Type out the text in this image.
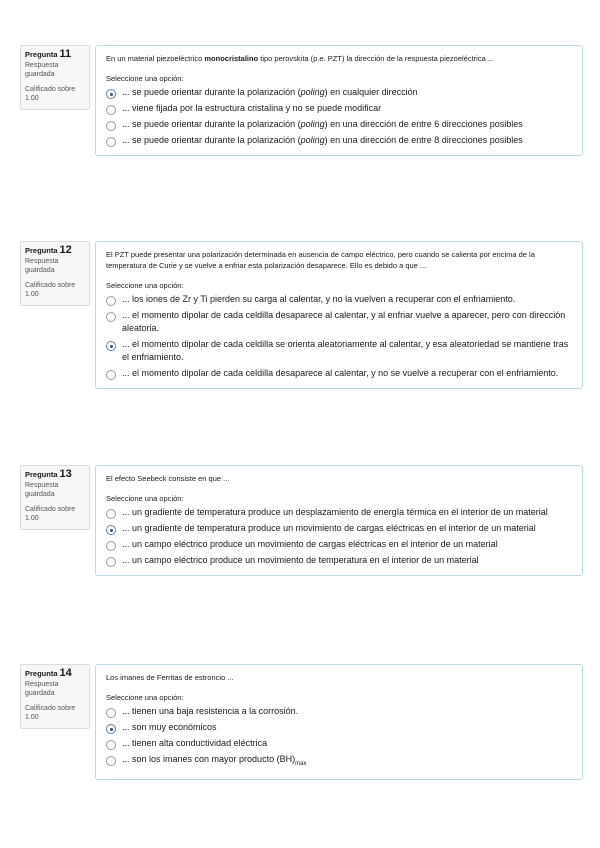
Pregunta 11
Respuesta guardada
Calificado sobre 1.00
En un material piezoeléctrico monocristalino tipo perovskita (p.e. PZT) la dirección de la respuesta piezoeléctrica ...
Seleccione una opción:
... se puede orientar durante la polarización (poling) en cualquier dirección
... viene fijada por la estructura cristalina y no se puede modificar
... se puede orientar durante la polarización (poling) en una dirección de entre 6 direcciones posibles
... se puede orientar durante la polarización (poling) en una dirección de entre 8 direcciones posibles
Pregunta 12
Respuesta guardada
Calificado sobre 1.00
El PZT puede presentar una polarización determinada en ausencia de campo eléctrico, pero cuando se calienta por encima de la temperatura de Curie y se vuelve a enfriar esta polarización desaparece. Ello es debido a que ...
Seleccione una opción:
... los iones de Zr y Ti pierden su carga al calentar, y no la vuelven a recuperar con el enfriamiento.
... el momento dipolar de cada celdilla desaparece al calentar, y al enfriar vuelve a aparecer, pero con dirección aleatoria.
... el momento dipolar de cada celdilla se orienta aleatoriamente al calentar, y esa aleatoriedad se mantiene tras el enfriamiento.
... el momento dipolar de cada celdilla desaparece al calentar, y no se vuelve a recuperar con el enfriamiento.
Pregunta 13
Respuesta guardada
Calificado sobre 1.00
El efecto Seebeck consiste en que ...
Seleccione una opción:
... un gradiente de temperatura produce un desplazamiento de energía térmica en el interior de un material
... un gradiente de temperatura produce un movimiento de cargas eléctricas en el interior de un material
... un campo eléctrico produce un movimiento de cargas eléctricas en el interior de un material
... un campo eléctrico produce un movimiento de temperatura en el interior de un material
Pregunta 14
Respuesta guardada
Calificado sobre 1.00
Los imanes de Ferritas de estroncio ...
Seleccione una opción:
... tienen una baja resistencia a la corrosión.
... son muy económicos
... tienen alta conductividad eléctrica
... son los imanes con mayor producto $(BH)_{max}$
